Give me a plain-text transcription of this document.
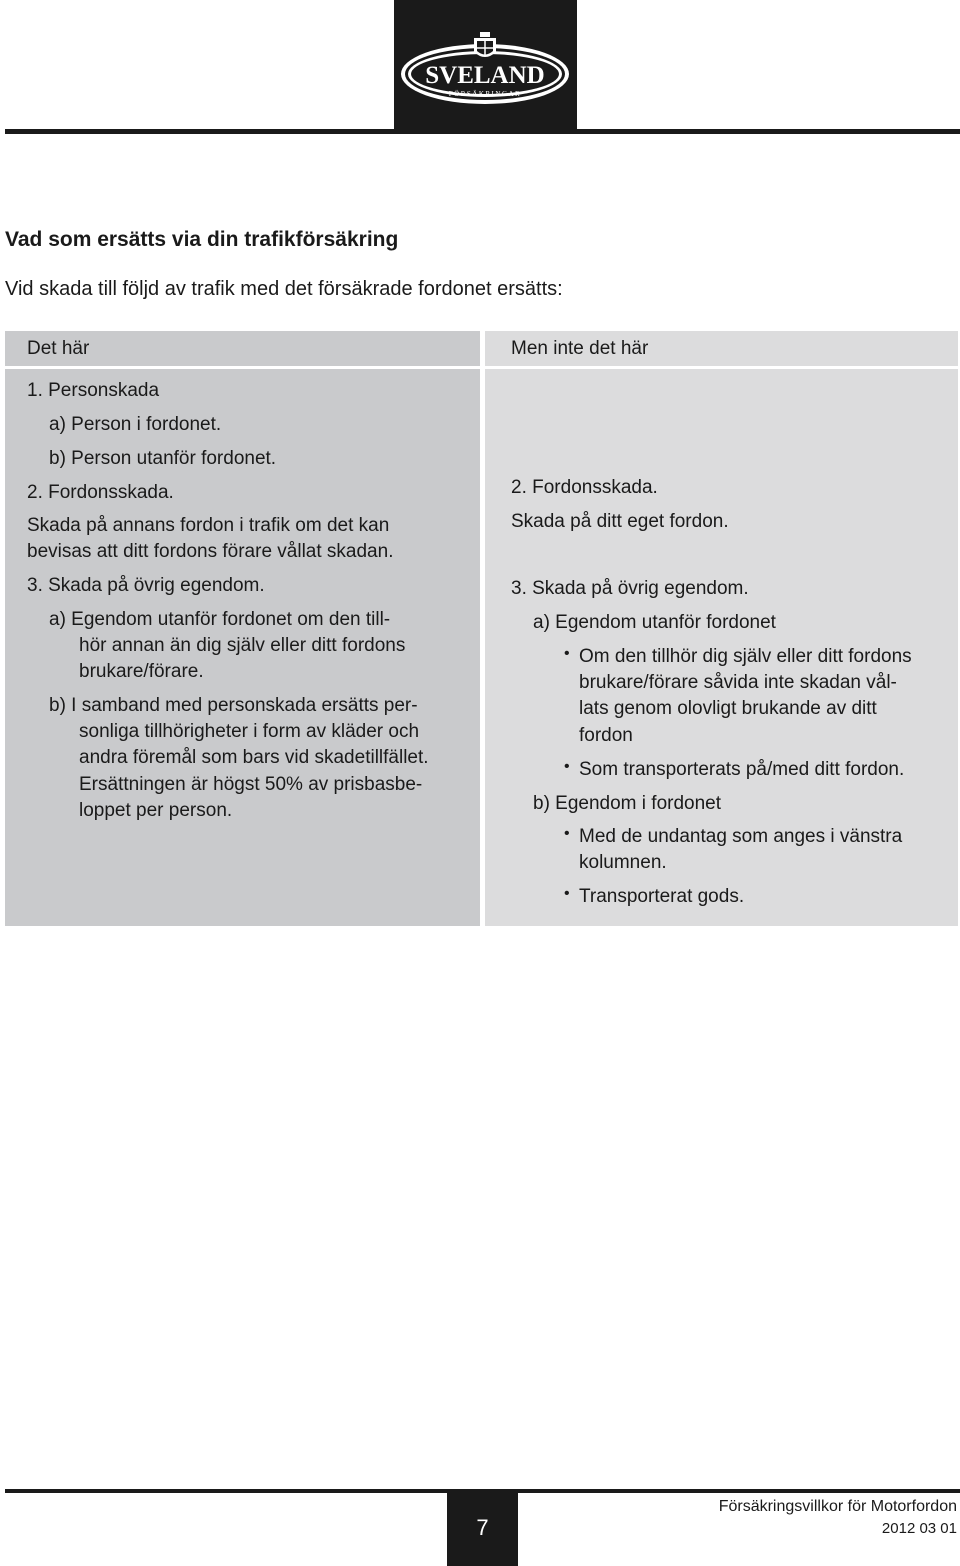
SVELAND
FÖRSÄKRINGAR
Vad som ersätts via din trafikförsäkring
Vid skada till följd av trafik med det försäkrade fordonet ersätts:
Det här
1. Personskada
a) Person i fordonet.
b) Person utanför fordonet.
2. Fordonsskada.
Skada på annans fordon i trafik om det kan
bevisas att ditt fordons förare vållat skadan.
3. Skada på övrig egendom.
a) Egendom utanför fordonet om den till-
hör annan än dig själv eller ditt fordons
brukare/förare.
b) I samband med personskada ersätts per-
sonliga tillhörigheter i form av kläder och
andra föremål som bars vid skadetillfället.
Ersättningen är högst 50% av prisbasbe-
loppet per person.
Men inte det här
2. Fordonsskada.
Skada på ditt eget fordon.
3. Skada på övrig egendom.
a) Egendom utanför fordonet
• Om den tillhör dig själv eller ditt fordons
brukare/förare såvida inte skadan vål-
lats genom olovligt brukande av ditt
fordon
• Som transporterats på/med ditt fordon.
b) Egendom i fordonet
• Med de undantag som anges i vänstra
kolumnen.
• Transporterat gods.
7
Försäkringsvillkor för Motorfordon
2012 03 01
